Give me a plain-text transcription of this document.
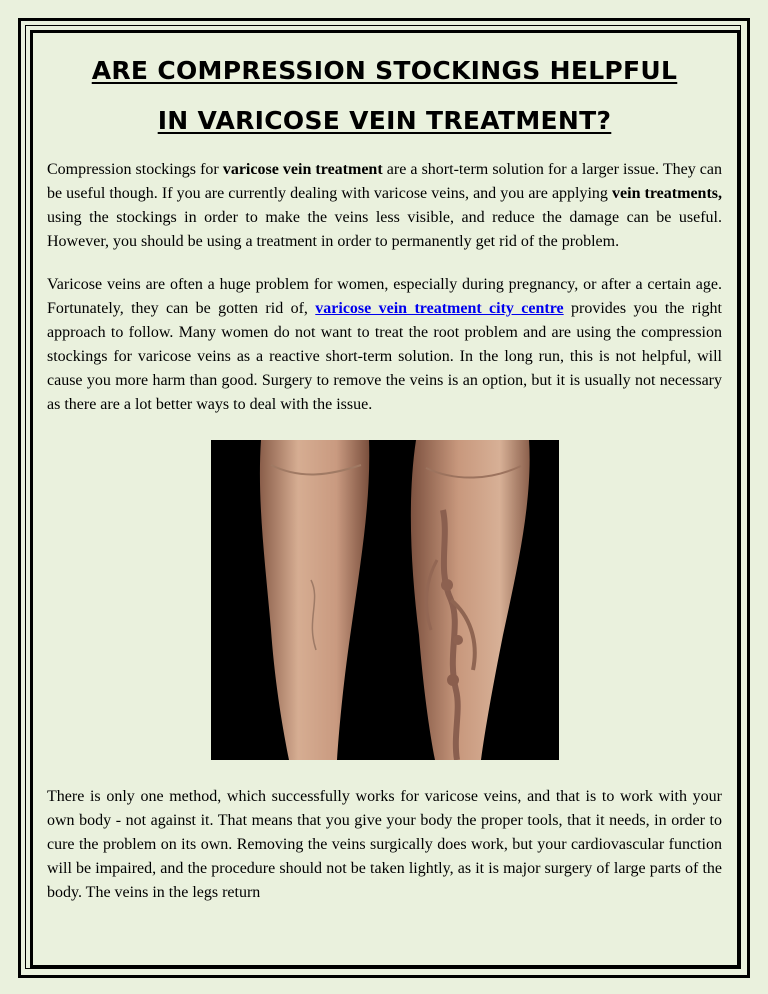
ARE COMPRESSION STOCKINGS HELPFUL
IN VARICOSE VEIN TREATMENT?

Compression stockings for varicose vein treatment are a short-term solution for a larger issue. They can be useful though. If you are currently dealing with varicose veins, and you are applying vein treatments, using the stockings in order to make the veins less visible, and reduce the damage can be useful. However, you should be using a treatment in order to permanently get rid of the problem.

Varicose veins are often a huge problem for women, especially during pregnancy, or after a certain age. Fortunately, they can be gotten rid of, varicose vein treatment city centre provides you the right approach to follow. Many women do not want to treat the root problem and are using the compression stockings for varicose veins as a reactive short-term solution. In the long run, this is not helpful, will cause you more harm than good. Surgery to remove the veins is an option, but it is usually not necessary as there are a lot better ways to deal with the issue.

There is only one method, which successfully works for varicose veins, and that is to work with your own body - not against it. That means that you give your body the proper tools, that it needs, in order to cure the problem on its own. Removing the veins surgically does work, but your cardiovascular function will be impaired, and the procedure should not be taken lightly, as it is major surgery of large parts of the body. The veins in the legs return
